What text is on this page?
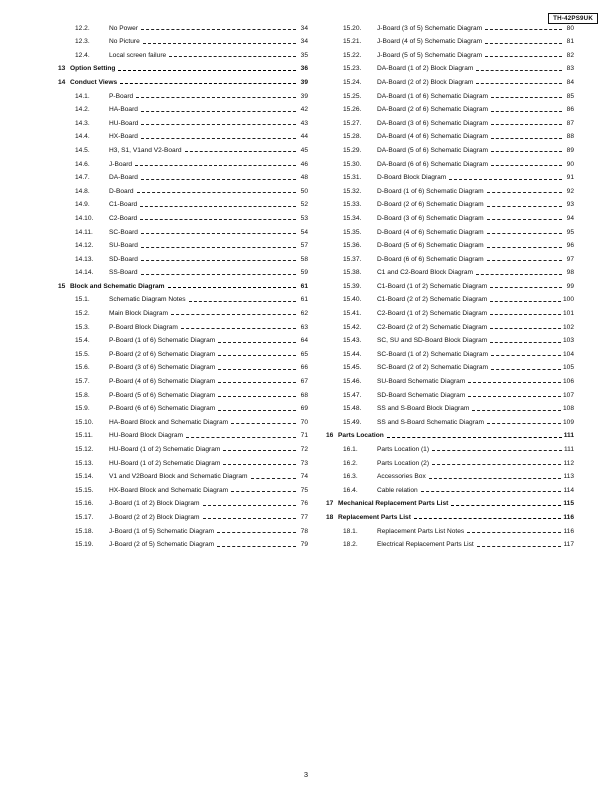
TH-42PS9UK
12.2.	No Power	34
12.3.	No Picture	34
12.4.	Local screen failure	35
13 Option Setting	36
14 Conduct Views	39
14.1.	P-Board	39
14.2.	HA-Board	42
14.3.	HU-Board	43
14.4.	HX-Board	44
14.5.	H3, S1, V1and V2-Board	45
14.6.	J-Board	46
14.7.	DA-Board	48
14.8.	D-Board	50
14.9.	C1-Board	52
14.10.	C2-Board	53
14.11.	SC-Board	54
14.12.	SU-Board	57
14.13.	SD-Board	58
14.14.	SS-Board	59
15 Block and Schematic Diagram	61
15.1.	Schematic Diagram Notes	61
15.2.	Main Block Diagram	62
15.3.	P-Board Block Diagram	63
15.4.	P-Board (1 of 6) Schematic Diagram	64
15.5.	P-Board (2 of 6) Schematic Diagram	65
15.6.	P-Board (3 of 6) Schematic Diagram	66
15.7.	P-Board (4 of 6) Schematic Diagram	67
15.8.	P-Board (5 of 6) Schematic Diagram	68
15.9.	P-Board (6 of 6) Schematic Diagram	69
15.10.	HA-Board Block and Schematic Diagram	70
15.11.	HU-Board Block Diagram	71
15.12.	HU-Board (1 of 2) Schematic Diagram	72
15.13.	HU-Board (1 of 2) Schematic Diagram	73
15.14.	V1 and V2Board Block and Schematic Diagram	74
15.15.	HX-Board Block and Schematic Diagram	75
15.16.	J-Board (1 of 2) Block Diagram	76
15.17.	J-Board (2 of 2) Block Diagram	77
15.18.	J-Board (1 of 5) Schematic Diagram	78
15.19.	J-Board (2 of 5) Schematic Diagram	79
15.20.	J-Board (3 of 5) Schematic Diagram	80
15.21.	J-Board (4 of 5) Schematic Diagram	81
15.22.	J-Board (5 of 5) Schematic Diagram	82
15.23.	DA-Board (1 of 2) Block Diagram	83
15.24.	DA-Board (2 of 2) Block Diagram	84
15.25.	DA-Board (1 of 6) Schematic Diagram	85
15.26.	DA-Board (2 of 6) Schematic Diagram	86
15.27.	DA-Board (3 of 6) Schematic Diagram	87
15.28.	DA-Board (4 of 6) Schematic Diagram	88
15.29.	DA-Board (5 of 6) Schematic Diagram	89
15.30.	DA-Board (6 of 6) Schematic Diagram	90
15.31.	D-Board Block Diagram	91
15.32.	D-Board (1 of 6) Schematic Diagram	92
15.33.	D-Board (2 of 6) Schematic Diagram	93
15.34.	D-Board (3 of 6) Schematic Diagram	94
15.35.	D-Board (4 of 6) Schematic Diagram	95
15.36.	D-Board (5 of 6) Schematic Diagram	96
15.37.	D-Board (6 of 6) Schematic Diagram	97
15.38.	C1 and C2-Board Block Diagram	98
15.39.	C1-Board (1 of 2) Schematic Diagram	99
15.40.	C1-Board (2 of 2) Schematic Diagram	100
15.41.	C2-Board (1 of 2) Schematic Diagram	101
15.42.	C2-Board (2 of 2) Schematic Diagram	102
15.43.	SC, SU and SD-Board Block Diagram	103
15.44.	SC-Board (1 of 2) Schematic Diagram	104
15.45.	SC-Board (2 of 2) Schematic Diagram	105
15.46.	SU-Board Schematic Diagram	106
15.47.	SD-Board Schematic Diagram	107
15.48.	SS and S-Board Block Diagram	108
15.49.	SS and S-Board Schematic Diagram	109
16 Parts Location	111
16.1.	Parts Location (1)	111
16.2.	Parts Location (2)	112
16.3.	Accessories Box	113
16.4.	Cable relation	114
17 Mechanical Replacement Parts List	115
18 Replacement Parts List	116
18.1.	Replacement Parts List Notes	116
18.2.	Electrical Replacement Parts List	117
3
